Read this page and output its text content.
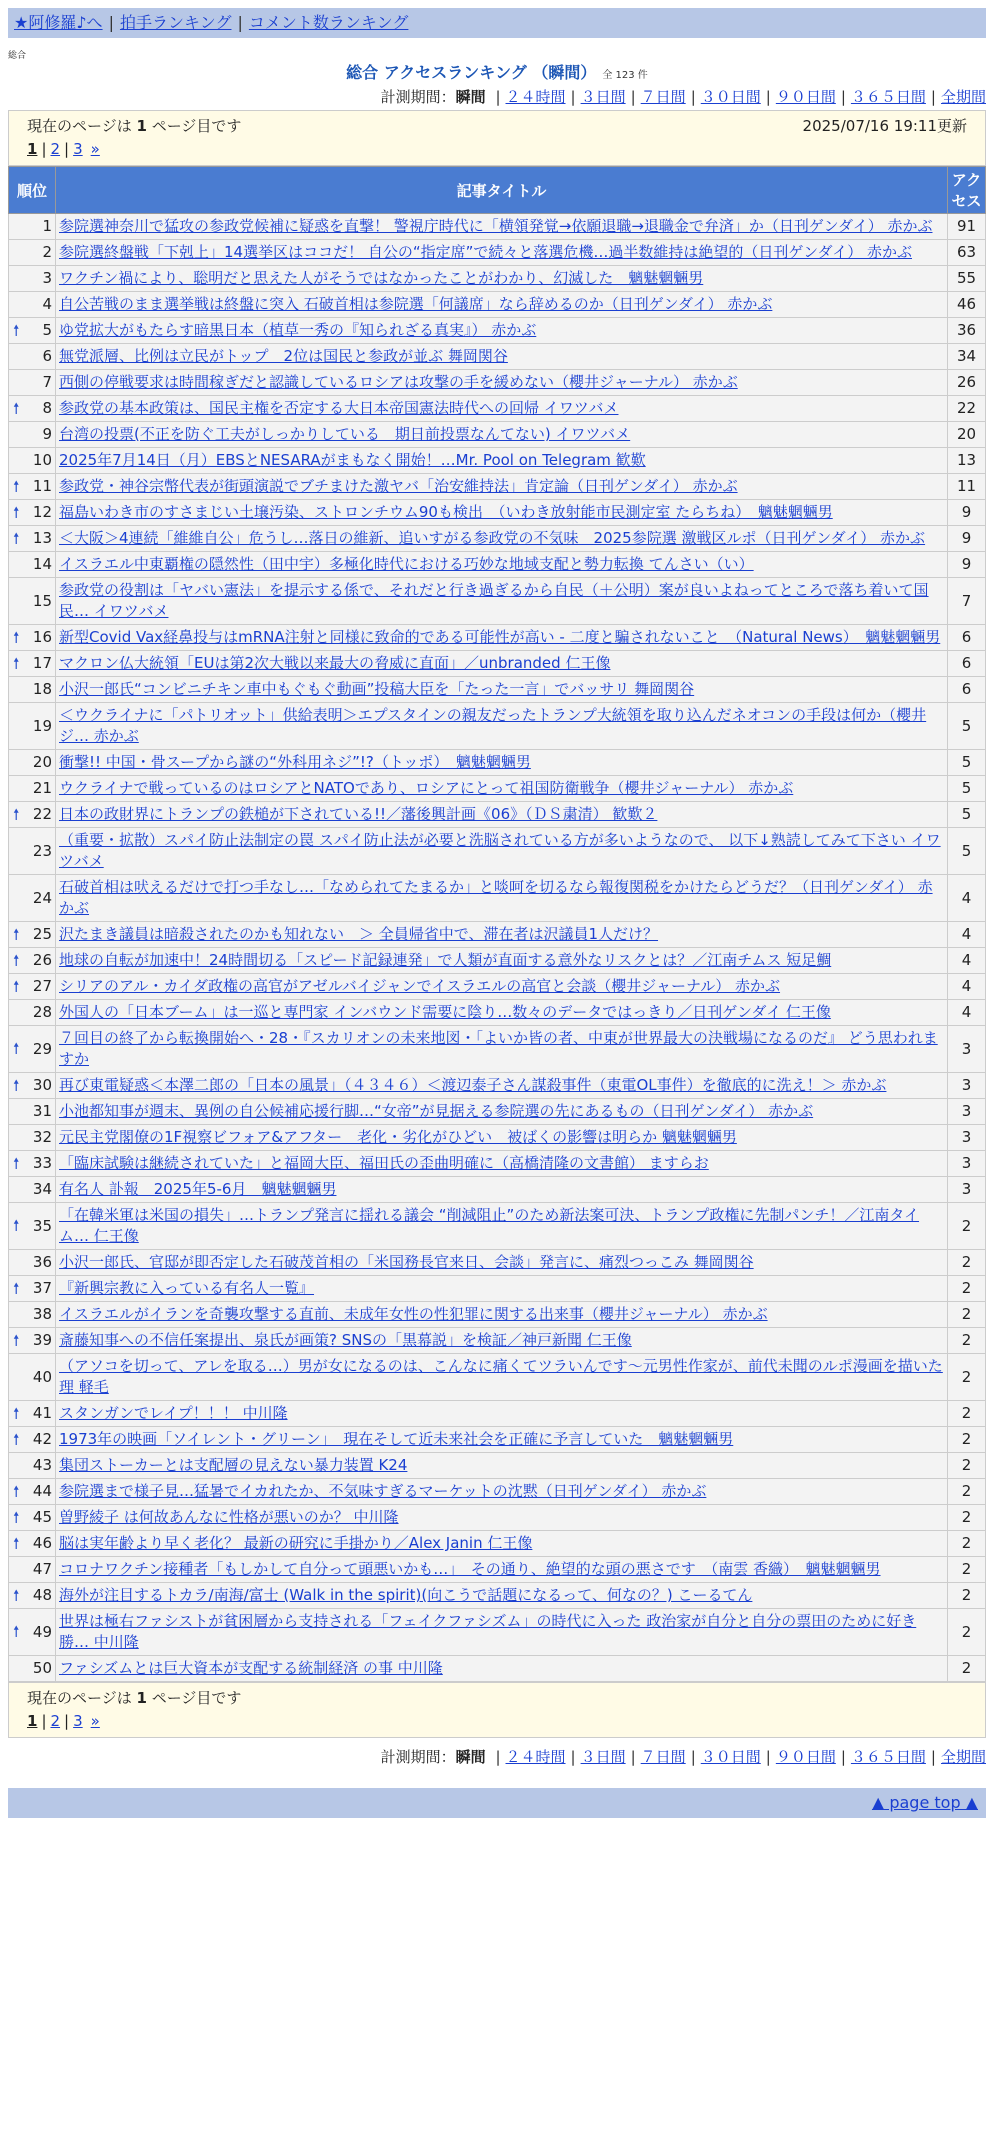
★阿修羅♪へ | 拍手ランキング | コメント数ランキング
総合
総合 アクセスランキング （瞬間） 全 123 件
計測期間：瞬間 | ２４時間 | ３日間 | ７日間 | ３０日間 | ９０日間 | ３６５日間 | 全期間
現在のページは 1 ページ目です	2025/07/16 19:11更新
1 | 2 | 3 »
順位	記事タイトル	アクセス
1	参院選神奈川で猛攻の参政党候補に疑惑を直撃！ 警視庁時代に「横領発覚→依願退職→退職金で弁済」か（日刊ゲンダイ） 赤かぶ	91
2	参院選終盤戦「下剋上」14選挙区はココだ！ 自公の“指定席”で続々と落選危機…過半数維持は絶望的（日刊ゲンダイ） 赤かぶ	63
3	ワクチン禍により、聡明だと思えた人がそうではなかったことがわかり、幻滅した　魑魅魍魎男	55
4	自公苦戦のまま選挙戦は終盤に突入 石破首相は参院選「何議席」なら辞めるのか（日刊ゲンダイ） 赤かぶ	46

🠕 5	ゆ党拡大がもたらす暗黒日本（植草一秀の『知られざる真実』） 赤かぶ	36
6	無党派層、比例は立民がトップ　2位は国民と参政が並ぶ 舞岡関谷	34
7	西側の停戦要求は時間稼ぎだと認識しているロシアは攻撃の手を緩めない（櫻井ジャーナル） 赤かぶ	26

🠕 8	参政党の基本政策は、国民主権を否定する大日本帝国憲法時代への回帰 イワツバメ	22
9	台湾の投票(不正を防ぐ工夫がしっかりしている　期日前投票なんてない) イワツバメ	20
10	2025年7月14日（月）EBSとNESARAがまもなく開始！…Mr. Pool on Telegram 歓歎	13

🠕 11	参政党・神谷宗幣代表が街頭演説でブチまけた激ヤバ「治安維持法」肯定論（日刊ゲンダイ） 赤かぶ	11

🠕 12	福島いわき市のすさまじい土壌汚染、ストロンチウム90も検出　（いわき放射能市民測定室 たらちね）　魑魅魍魎男	9

🠕 13	＜大阪＞4連続「維維自公」危うし…落日の維新、追いすがる参政党の不気味　2025参院選 激戦区ルポ（日刊ゲンダイ） 赤かぶ	9
14	イスラエル中東覇権の隠然性（田中宇）多極化時代における巧妙な地域支配と勢力転換 てんさい（い）	9
15	参政党の役割は「ヤバい憲法」を提示する係で、それだと行き過ぎるから自民（＋公明）案が良いよねってところで落ち着いて国民… イワツバメ	7

🠕 16	新型Covid Vax経鼻投与はmRNA注射と同様に致命的である可能性が高い - 二度と騙されないこと　（Natural News）　魑魅魍魎男	6

🠕 17	マクロン仏大統領「EUは第2次大戦以来最大の脅威に直面」／unbranded 仁王像	6
18	小沢一郎氏“コンビニチキン車中もぐもぐ動画”投稿大臣を「たった一言」でバッサリ 舞岡関谷	6
19	＜ウクライナに「パトリオット」供給表明＞エプスタインの親友だったトランプ大統領を取り込んだネオコンの手段は何か（櫻井ジ… 赤かぶ	5
20	衝撃!! 中国・骨スープから謎の“外科用ネジ”!?（トッポ）　魑魅魍魎男	5
21	ウクライナで戦っているのはロシアとNATOであり、ロシアにとって祖国防衛戦争（櫻井ジャーナル） 赤かぶ	5

🠕 22	日本の政財界にトランプの鉄槌が下されている!!／藩後興計画《06》（ＤＳ粛清） 歓歎２	5
23	（重要・拡散）スパイ防止法制定の罠 スパイ防止法が必要と洗脳されている方が多いようなので、 以下↓熟読してみて下さい イワツバメ	5
24	石破首相は吠えるだけで打つ手なし…「なめられてたまるか」と啖呵を切るなら報復関税をかけたらどうだ？（日刊ゲンダイ） 赤かぶ	4

🠕 25	沢たまき議員は暗殺されたのかも知れない　＞ 全員帰省中で、滞在者は沢議員1人だけ？	4

🠕 26	地球の自転が加速中！24時間切る「スピード記録連発」で人類が直面する意外なリスクとは？／江南チムス 短足鯛	4

🠕 27	シリアのアル・カイダ政権の高官がアゼルバイジャンでイスラエルの高官と会談（櫻井ジャーナル） 赤かぶ	4
28	外国人の「日本ブーム」は一巡と専門家 インバウンド需要に陰り…数々のデータではっきり／日刊ゲンダイ 仁王像	4

🠕 29	７回目の終了から転換開始へ・28・『スカリオンの未来地図・「よいか皆の者、中東が世界最大の決戦場になるのだ』 どう思われますか	3

🠕 30	再び東電疑惑＜本澤二郎の「日本の風景」（４３４６）＜渡辺泰子さん謀殺事件（東電OL事件）を徹底的に洗え！＞ 赤かぶ	3
31	小池都知事が週末、異例の自公候補応援行脚…“女帝”が見据える参院選の先にあるもの（日刊ゲンダイ） 赤かぶ	3
32	元民主党閣僚の1F視察ビフォア&アフター　老化・劣化がひどい　被ばくの影響は明らか 魑魅魍魎男	3

🠕 33	「臨床試験は継続されていた」と福岡大臣、福田氏の歪曲明確に（高橋清隆の文書館） ますらお	3
34	有名人 訃報　2025年5-6月　魑魅魍魎男	3

🠕 35	「在韓米軍は米国の損失」…トランプ発言に揺れる議会 “削減阻止”のため新法案可決、トランプ政権に先制パンチ！／江南タイム… 仁王像	2
36	小沢一郎氏、官邸が即否定した石破茂首相の「米国務長官来日、会談」発言に、痛烈つっこみ 舞岡関谷	2

🠕 37	『新興宗教に入っている有名人一覧』	2
38	イスラエルがイランを奇襲攻撃する直前、未成年女性の性犯罪に関する出来事（櫻井ジャーナル） 赤かぶ	2

🠕 39	斎藤知事への不信任案提出、泉氏が画策? SNSの「黒幕説」を検証／神戸新聞 仁王像	2
40	（アソコを切って、アレを取る…）男が女になるのは、こんなに痛くてツラいんです〜元男性作家が、前代未聞のルポ漫画を描いた理 軽毛	2

🠕 41	スタンガンでレイプ！！！ 中川隆	2

🠕 42	1973年の映画「ソイレント・グリーン」　現在そして近未来社会を正確に予言していた　魑魅魍魎男	2
43	集団ストーカーとは支配層の見えない暴力装置 K24	2

🠕 44	参院選まで様子見…猛暑でイカれたか、不気味すぎるマーケットの沈黙（日刊ゲンダイ） 赤かぶ	2

🠕 45	曽野綾子 は何故あんなに性格が悪いのか？ 中川隆	2

🠕 46	脳は実年齢より早く老化？ 最新の研究に手掛かり／Alex Janin 仁王像	2
47	コロナワクチン接種者「もしかして自分って頭悪いかも…」　その通り、絶望的な頭の悪さです　（南雲 香織）　魑魅魍魎男	2

🠕 48	海外が注目するトカラ/南海/富士 (Walk in the spirit)(向こうで話題になるって、何なの？) こーるてん	2

🠕 49	世界は極右ファシストが貧困層から支持される「フェイクファシズム」の時代に入った 政治家が自分と自分の票田のために好き勝… 中川隆	2
50	ファシズムとは巨大資本が支配する統制経済 の事 中川隆	2
現在のページは 1 ページ目です
1 | 2 | 3 »
計測期間：瞬間 | ２４時間 | ３日間 | ７日間 | ３０日間 | ９０日間 | ３６５日間 | 全期間
▲ page top ▲
